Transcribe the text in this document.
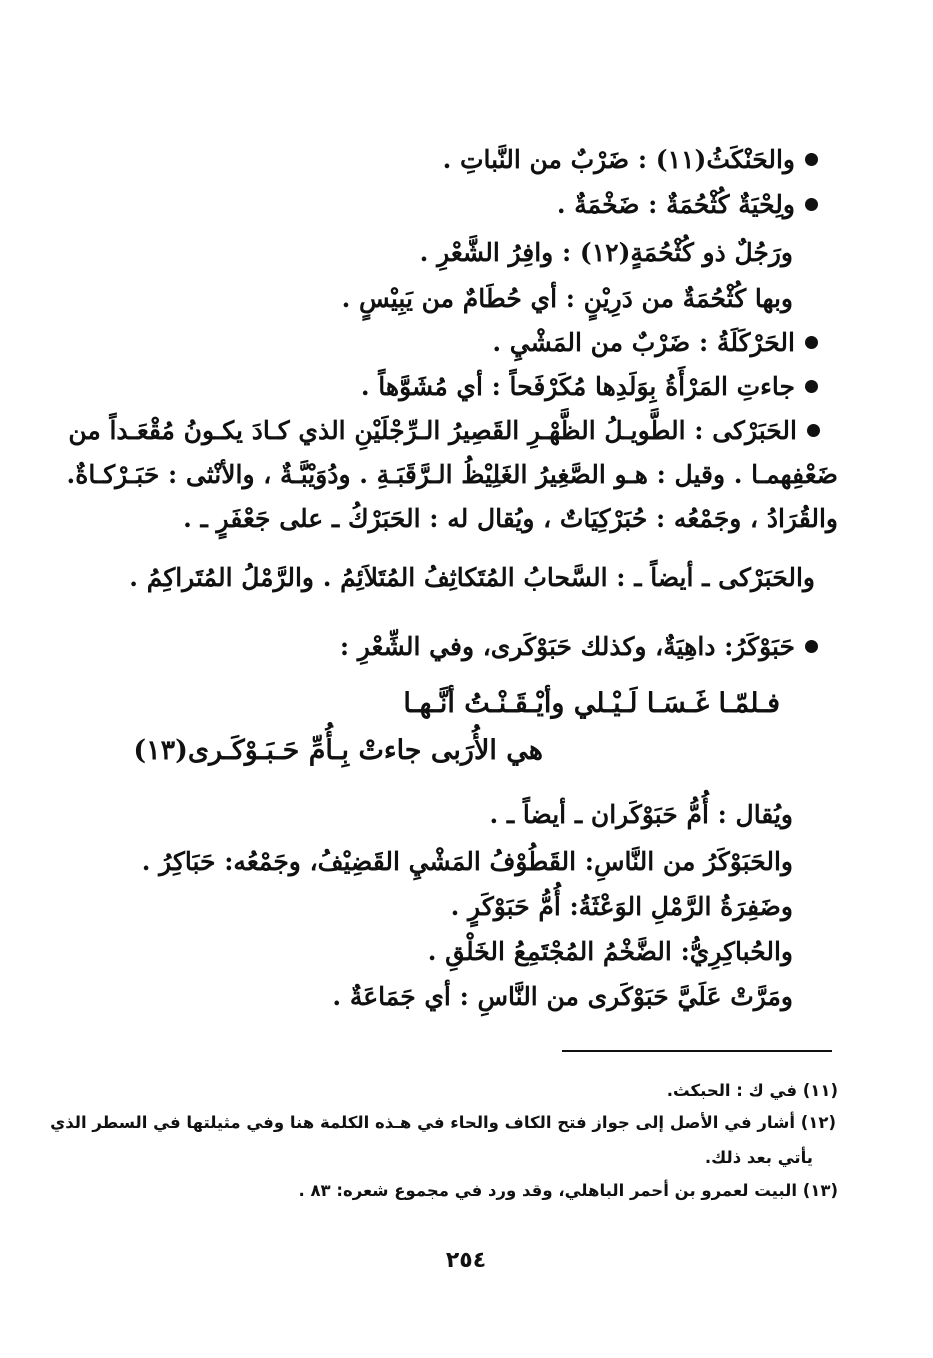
والحَنْكَثُ(١١) : ضَرْبٌ من النَّباتِ .
ولِحْيَةٌ كُثْحُمَةٌ : ضَخْمَةٌ .
ورَجُلٌ ذو كُثْحُمَةٍ(١٢) : وافِرُ الشَّعْرِ .
وبها كُثْحُمَةٌ من دَرِيْنٍ : أي حُطَامٌ من يَبِيْسٍ .
الحَرْكَلَةُ : ضَرْبٌ من المَشْيِ .
جاءتِ المَرْأَةُ بِوَلَدِها مُكَرْفَحاً : أي مُشَوَّهاً .
الحَبَرْكى : الطَّويـلُ الظَّهْـرِ القَصِيرُ الـرِّجْلَيْنِ الذي كـادَ يكـونُ مُقْعَـداً من
ضَعْفِهمـا . وقيل : هـو الصَّغِيرُ الغَلِيْظُ الـرَّقَبَـةِ . ودُوَيْبَّـةٌ ، والأنْثى : حَبَـرْكـاةٌ.
والقُرَادُ ، وجَمْعُه : حُبَرْكِيَاتٌ ، ويُقال له : الحَبَرْكُ ـ على جَعْفَرٍ ـ .
والحَبَرْكى ـ أيضاً ـ : السَّحابُ المُتَكاثِفُ المُتَلاَئِمُ . والرَّمْلُ المُتَراكِمُ .
حَبَوْكَرُ: داهِيَةٌ، وكذلك حَبَوْكَرى، وفي الشِّعْرِ :
فـلمّـا غَـسَـا لَـيْـلي وأيْـقَـنْـتُ أنَّـهـا
هي الأُرَبى جاءتْ بِـأُمِّ حَـبَـوْكَـرى(١٣)
ويُقال : أُمُّ حَبَوْكَران ـ أيضاً ـ .
والحَبَوْكَرُ من النَّاسِ: القَطُوْفُ المَشْيِ القَضِيْفُ، وجَمْعُه: حَبَاكِرُ .
وضَفِرَةُ الرَّمْلِ الوَعْثَةُ: أُمُّ حَبَوْكَرٍ .
والحُباكِرِيُّ: الضَّخْمُ المُجْتَمِعُ الخَلْقِ .
ومَرَّتْ عَلَيَّ حَبَوْكَرى من النَّاسِ : أي جَمَاعَةٌ .
(١١) في ك : الحبكث.
(١٢) أشار في الأصل إلى جواز فتح الكاف والحاء في هـذه الكلمة هنا وفي مثيلتها في السطر الذي
يأتي بعد ذلك.
(١٣) البيت لعمرو بن أحمر الباهلي، وقد ورد في مجموع شعره: ٨٣ .
٢٥٤
